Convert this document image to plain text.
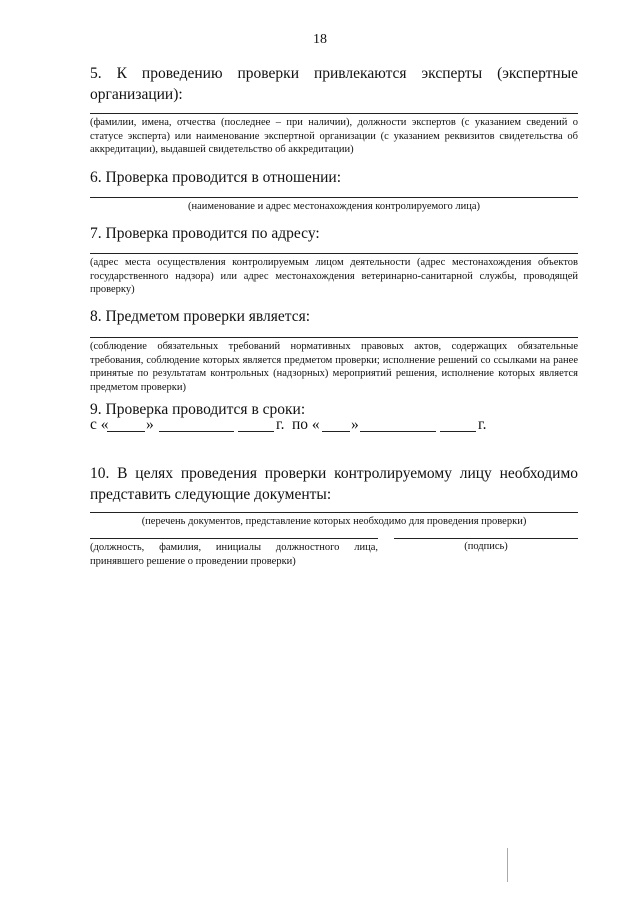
18
5. К проведению проверки привлекаются эксперты (экспертные
организации):
(фамилии, имена, отчества (последнее – при наличии), должности экспертов (с указанием сведений о статусе эксперта) или наименование экспертной организации (с указанием реквизитов свидетельства об аккредитации), выдавшей свидетельство об аккредитации)
6. Проверка проводится в отношении:
(наименование и адрес местонахождения контролируемого лица)
7. Проверка проводится по адресу:
(адрес места осуществления контролируемым лицом деятельности (адрес местонахождения объектов государственного надзора) или адрес местонахождения ветеринарно-санитарной службы, проводящей проверку)
8. Предметом проверки является:
(соблюдение обязательных требований нормативных правовых актов, содержащих обязательные требования, соблюдение которых является предметом проверки; исполнение решений со ссылками на ранее принятые по результатам контрольных (надзорных) мероприятий решения, исполнение которых является предметом проверки)
9. Проверка проводится в сроки:
с « »	г. по « »	г.
10. В целях проведения проверки контролируемому лицу необходимо
представить следующие документы:
(перечень документов, представление которых необходимо для проведения проверки)
(должность, фамилия, инициалы должностного лица,
принявшего решение о проведении проверки)
(подпись)
